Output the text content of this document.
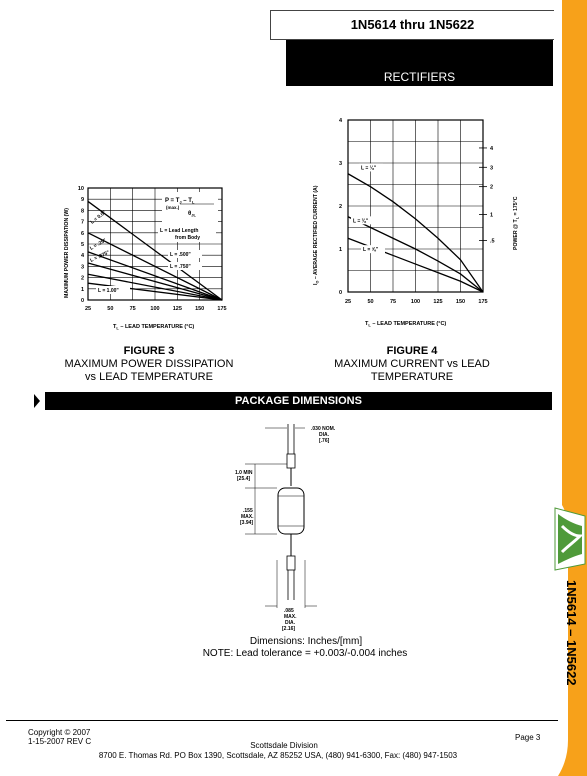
1N5614 thru 1N5622
RECTIFIERS
1N5614 – 1N5622
MAXIMUM POWER DISSIPATION (W)
0
1
2
3
4
5
6
7
8
9
10
25	50	75	100 125 150 175
$P = T_J - T_L$
(max.)
$\theta_{JL}$
L = Lead Length
from Body
L = 0.0"
L = .25"
L = .375"	L = .500"
L = .750"
L = 1.00"
$T_L$ – LEAD TEMPERATURE (°C)
$I_O$ – AVERAGE RECTIFIED CURRENT (A)	POWER @ $T_L = 175^\circ C$
0
1
2
3
4
4
3
2
1
.5
25	50	75	100 125 150 175
L = ⅛"
L = ⅜"
L = ⅝"
$T_L$ – LEAD TEMPERATURE (°C)
FIGURE 3
MAXIMUM POWER DISSIPATION
vs LEAD TEMPERATURE
FIGURE 4
MAXIMUM CURRENT vs LEAD TEMPERATURE
PACKAGE DIMENSIONS
.030 NOM.
DIA.
[.76]
1.0 MIN
[25.4]
.155
MAX.
[3.94]
.085
MAX.
DIA.
[2.16]
Dimensions: Inches/[mm]
NOTE: Lead tolerance = +0.003/-0.004 inches
Copyright © 2007
1-15-2007 REV C	Scottsdale Division
8700 E. Thomas Rd. PO Box 1390, Scottsdale, AZ 85252 USA, (480) 941-6300, Fax: (480) 947-1503
Page 3
